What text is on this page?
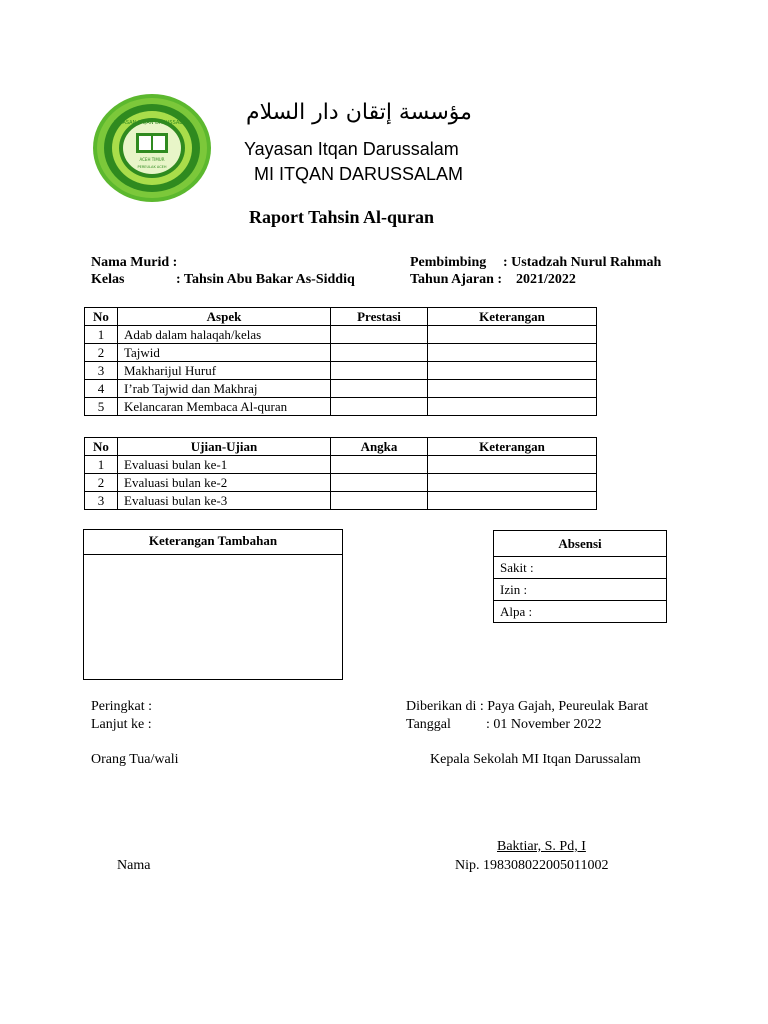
YAYASAN ITQAN DARUSSALAM
ACEH TIMUR
PEREULAK ACEH
مؤسسة إتقان دار السلام
Yayasan Itqan Darussalam
MI ITQAN DARUSSALAM
Raport Tahsin Al-quran
Nama Murid :
Kelas	: Tahsin Abu Bakar As-Siddiq
Pembimbing : Ustadzah Nurul Rahmah
Tahun Ajaran : 2021/2022
No	Aspek	Prestasi	Keterangan
1	Adab dalam halaqah/kelas		
2	Tajwid		
3	Makharijul Huruf		
4	I’rab Tajwid dan Makhraj		
5	Kelancaran Membaca Al-quran		
No	Ujian-Ujian	Angka	Keterangan
1	Evaluasi bulan ke-1		
2	Evaluasi bulan ke-2		
3	Evaluasi bulan ke-3		
Keterangan Tambahan	Absensi
Sakit :
Izin :
Alpa :
Peringkat :
Lanjut ke :
Diberikan di : Paya Gajah, Peureulak Barat
Tanggal	: 01 November 2022
Orang Tua/wali	Kepala Sekolah MI Itqan Darussalam
Baktiar, S. Pd, I
Nama	Nip. 198308022005011002
